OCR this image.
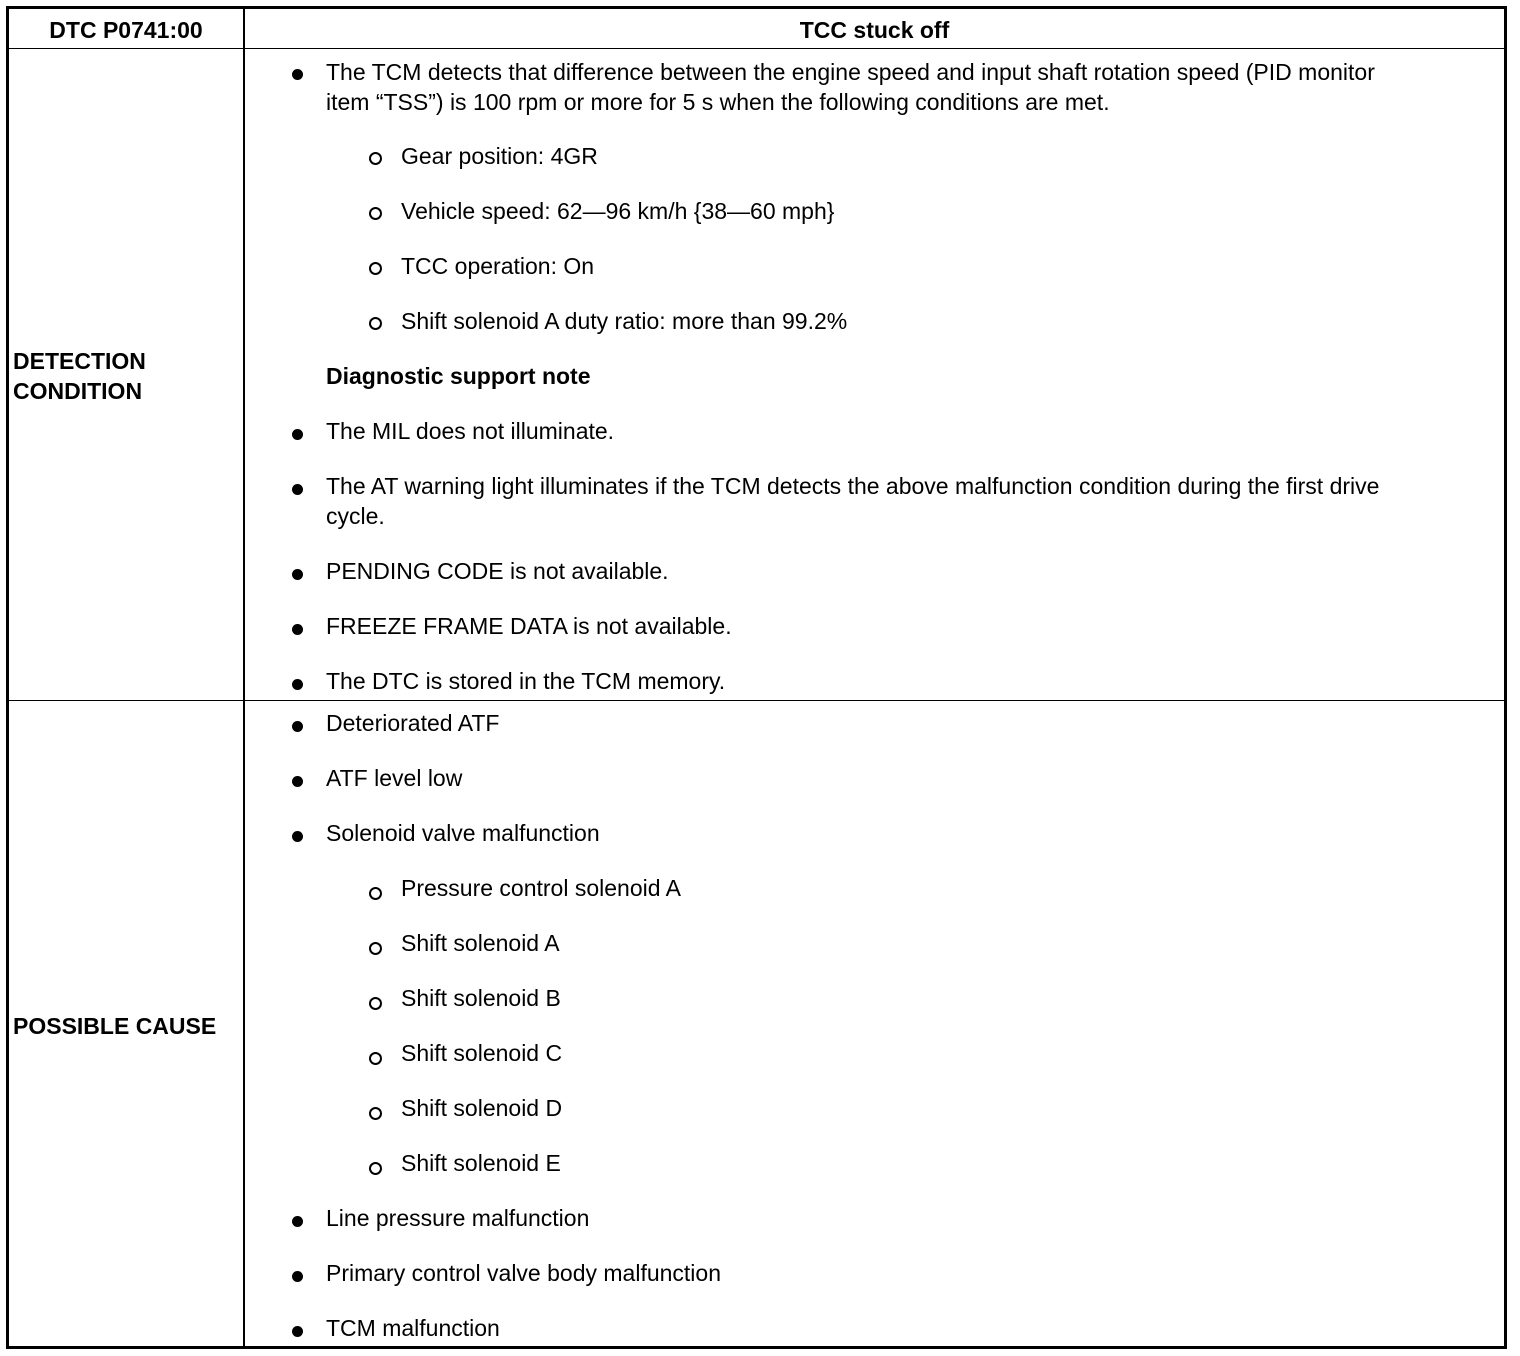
DTC P0741:00	TCC stuck off
DETECTION
CONDITION
POSSIBLE CAUSE
The TCM detects that difference between the engine speed and input shaft rotation speed (PID monitor
item “TSS”) is 100 rpm or more for 5 s when the following conditions are met.
Gear position: 4GR
Vehicle speed: 62—96 km/h {38—60 mph}
TCC operation: On
Shift solenoid A duty ratio: more than 99.2%
Diagnostic support note
The MIL does not illuminate.
The AT warning light illuminates if the TCM detects the above malfunction condition during the first drive
cycle.
PENDING CODE is not available.
FREEZE FRAME DATA is not available.
The DTC is stored in the TCM memory.
Deteriorated ATF
ATF level low
Solenoid valve malfunction
Pressure control solenoid A
Shift solenoid A
Shift solenoid B
Shift solenoid C
Shift solenoid D
Shift solenoid E
Line pressure malfunction
Primary control valve body malfunction
TCM malfunction
